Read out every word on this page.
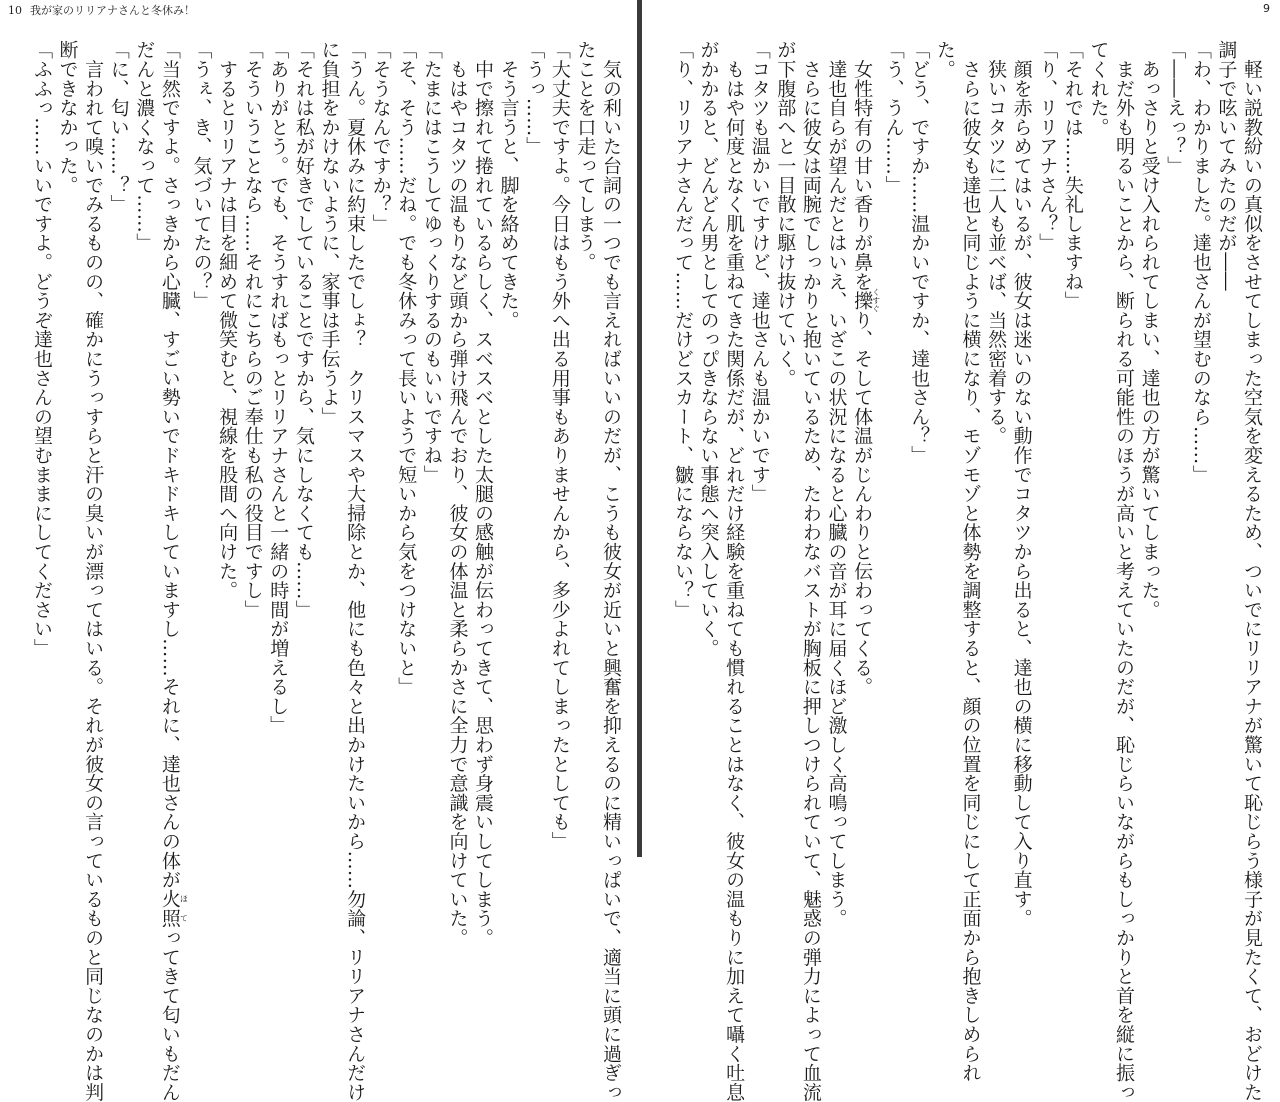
10 我が家のリリアナさんと冬休み！
　気の利いた台詞の一つでも言えればいいのだが、こうも彼女が近いと興奮を抑えるのに精いっぱいで、適当に頭に過ぎっ
たことを口走ってしまう。
「大丈夫ですよ。今日はもう外へ出る用事もありませんから、多少よれてしまったとしても」
「うっ……」
　そう言うと、脚を絡めてきた。
　中で擦れて捲れているらしく、スベスベとした太腿の感触が伝わってきて、思わず身震いしてしまう。
　もはやコタツの温もりなど頭から弾け飛んでおり、彼女の体温と柔らかさに全力で意識を向けていた。
「たまにはこうしてゆっくりするのもいいですね」
「そ、そう……だね。でも冬休みって長いようで短いから気をつけないと」
「そうなんですか？」
「うん。夏休みに約束したでしょ？　クリスマスや大掃除とか、他にも色々と出かけたいから……勿論、リリアナさんだけ
に負担をかけないように、家事は手伝うよ」
「それは私が好きでしていることですから、気にしなくても……」
「ありがとう。でも、そうすればもっとリリアナさんと一緒の時間が増えるし」
「そういうことなら……それにこちらのご奉仕も私の役目ですし」
　するとリリアナは目を細めて微笑むと、視線を股間へ向けた。
「うぇ、き、気づいてたの？」
「当然ですよ。さっきから心臓、すごい勢いでドキドキしていますし……それに、達也さんの体が火照ほてってきて匂いもだん
だんと濃くなって……」
「に、匂い……？」
　言われて嗅いでみるものの、確かにうっすらと汗の臭いが漂ってはいる。それが彼女の言っているものと同じなのかは判
断できなかった。
「ふふっ……いいですよ。どうぞ達也さんの望むままにしてください」
9
　軽い説教紛いの真似をさせてしまった空気を変えるため、ついでにリリアナが驚いて恥じらう様子が見たくて、おどけた
調子で呟いてみたのだが――
「わ、わかりました。達也さんが望むのなら……」
「――えっ？」
　あっさりと受け入れられてしまい、達也の方が驚いてしまった。
　まだ外も明るいことから、断られる可能性のほうが高いと考えていたのだが、恥じらいながらもしっかりと首を縦に振っ
てくれた。
「それでは……失礼しますね」
「り、リリアナさん？」
　顔を赤らめてはいるが、彼女は迷いのない動作でコタツから出ると、達也の横に移動して入り直す。
　狭いコタツに二人も並べば、当然密着する。
　さらに彼女も達也と同じように横になり、モゾモゾと体勢を調整すると、顔の位置を同じにして正面から抱きしめられ
た。
「どう、ですか……温かいですか、達也さん？」
「う、うん……」
　女性特有の甘い香りが鼻を擽くすぐり、そして体温がじんわりと伝わってくる。
　達也自らが望んだとはいえ、いざこの状況になると心臓の音が耳に届くほど激しく高鳴ってしまう。
　さらに彼女は両腕でしっかりと抱いているため、たわわなバストが胸板に押しつけられていて、魅惑の弾力によって血流
が下腹部へと一目散に駆け抜けていく。
「コタツも温かいですけど、達也さんも温かいです」
　もはや何度となく肌を重ねてきた関係だが、どれだけ経験を重ねても慣れることはなく、彼女の温もりに加えて囁く吐息
がかかると、どんどん男としてのっぴきならない事態へ突入していく。
「り、リリアナさんだって……だけどスカート、皺にならない？」
